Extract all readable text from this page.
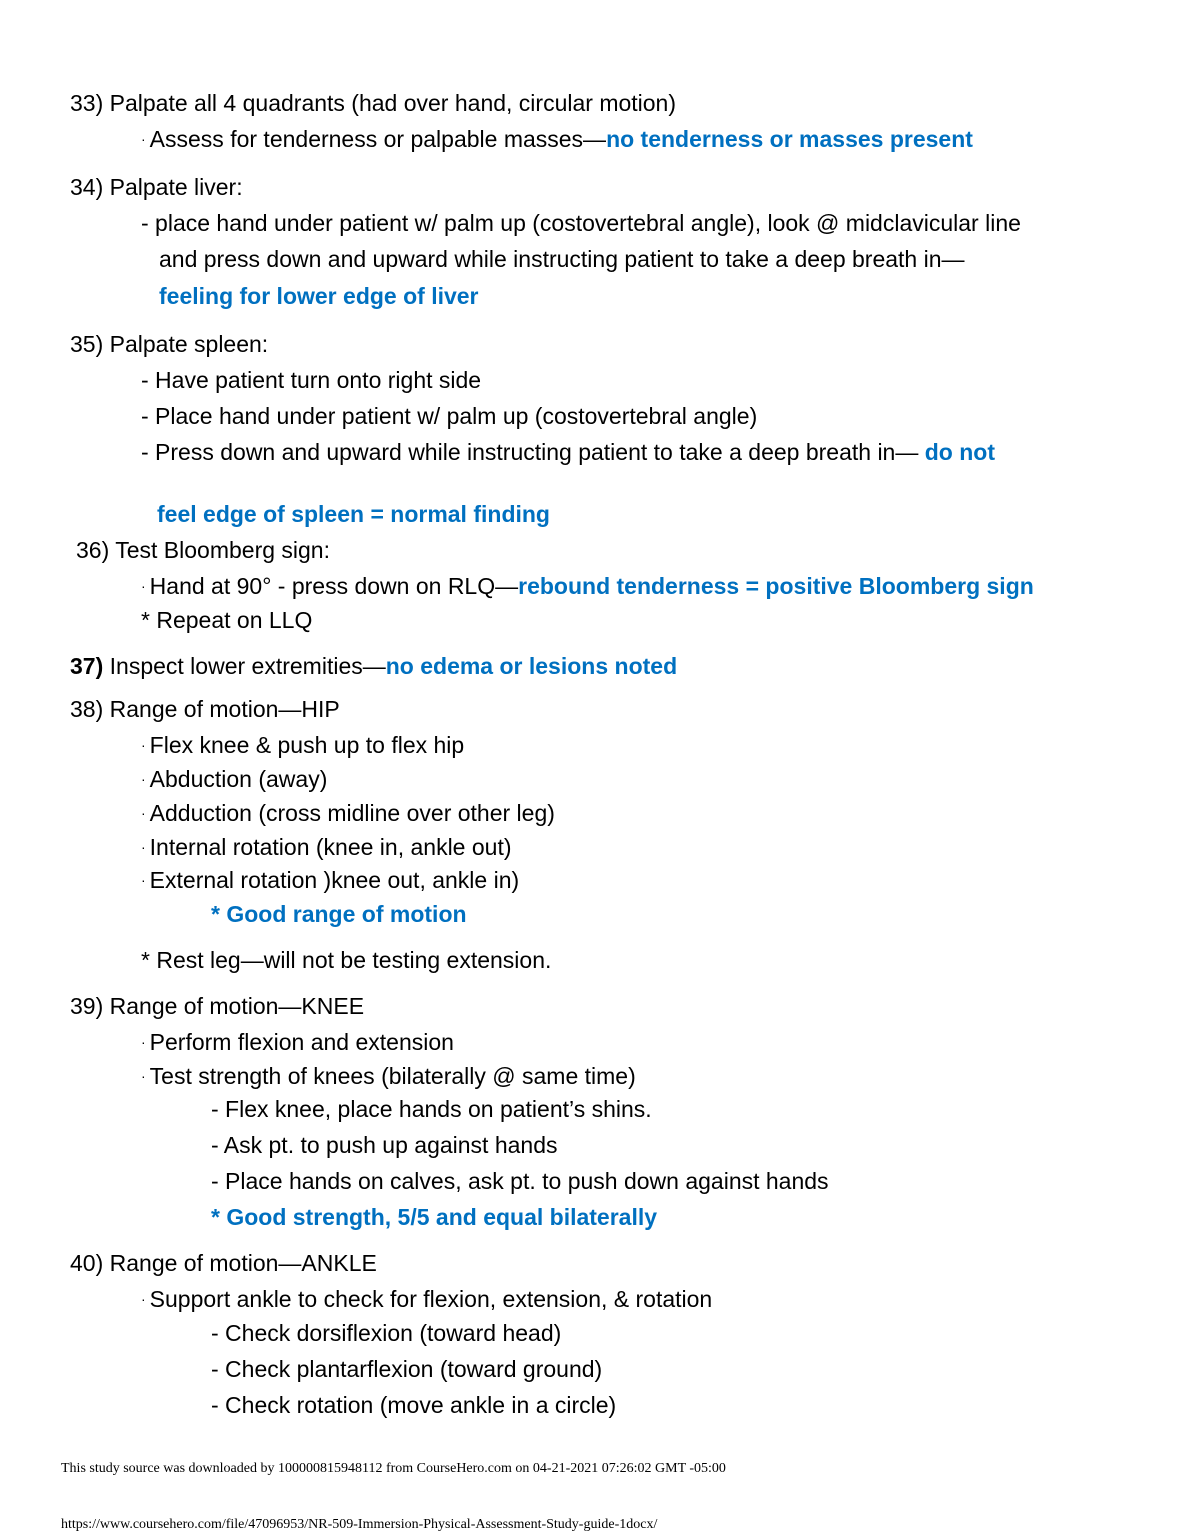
33) Palpate all 4 quadrants (had over hand, circular motion)
· Assess for tenderness or palpable masses—no tenderness or masses present
34) Palpate liver:
- place hand under patient w/ palm up (costovertebral angle), look @ midclavicular line
and press down and upward while instructing patient to take a deep breath in—
feeling for lower edge of liver
35) Palpate spleen:
- Have patient turn onto right side
- Place hand under patient w/ palm up (costovertebral angle)
- Press down and upward while instructing patient to take a deep breath in— do not
feel edge of spleen = normal finding
36) Test Bloomberg sign:
· Hand at 90° - press down on RLQ—rebound tenderness = positive Bloomberg sign
* Repeat on LLQ
37) Inspect lower extremities—no edema or lesions noted
38) Range of motion—HIP
· Flex knee & push up to flex hip
· Abduction (away)
· Adduction (cross midline over other leg)
· Internal rotation (knee in, ankle out)
· External rotation )knee out, ankle in)
* Good range of motion
* Rest leg—will not be testing extension.
39) Range of motion—KNEE
· Perform flexion and extension
· Test strength of knees (bilaterally @ same time)
- Flex knee, place hands on patient’s shins.
- Ask pt. to push up against hands
- Place hands on calves, ask pt. to push down against hands
* Good strength, 5/5 and equal bilaterally
40) Range of motion—ANKLE
· Support ankle to check for flexion, extension, & rotation
- Check dorsiflexion (toward head)
- Check plantarflexion (toward ground)
- Check rotation (move ankle in a circle)
This study source was downloaded by 100000815948112 from CourseHero.com on 04-21-2021 07:26:02 GMT -05:00
https://www.coursehero.com/file/47096953/NR-509-Immersion-Physical-Assessment-Study-guide-1docx/
